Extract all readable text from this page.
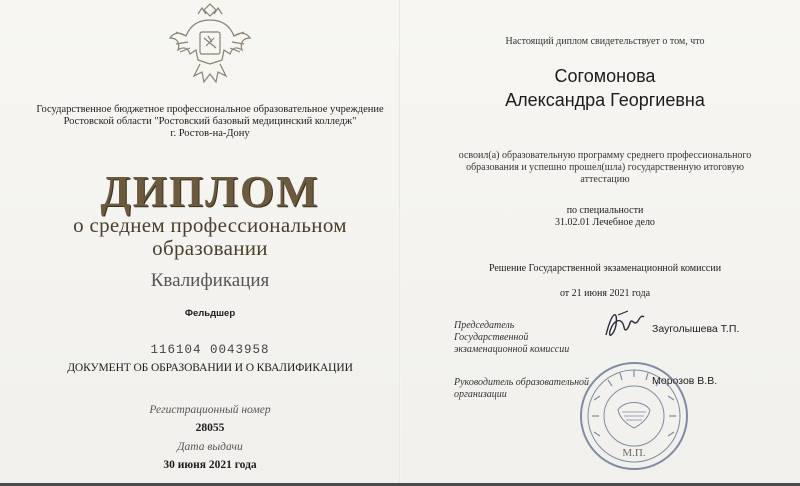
Государственное бюджетное профессиональное образовательное учреждение
Ростовской области "Ростовский базовый медицинский колледж"
г. Ростов-на-Дону
ДИПЛОМ
о среднем профессиональном
образовании
Квалификация
Фельдшер
116104 0043958
ДОКУМЕНТ ОБ ОБРАЗОВАНИИ И О КВАЛИФИКАЦИИ
Регистрационный номер
28055
Дата выдачи
30 июня 2021 года
Настоящий диплом свидетельствует о том, что
Согомонова
Александра Георгиевна
освоил(а) образовательную программу среднего профессионального
образования и успешно прошел(шла) государственную итоговую
аттестацию
по специальности
31.02.01 Лечебное дело
Решение Государственной экзаменационной комиссии
от 21 июня 2021 года
Председатель
Государственной
экзаменационной комиссии
Зауголышева Т.П.
Руководитель образовательной
организации
Морозов В.В.
М.П.
